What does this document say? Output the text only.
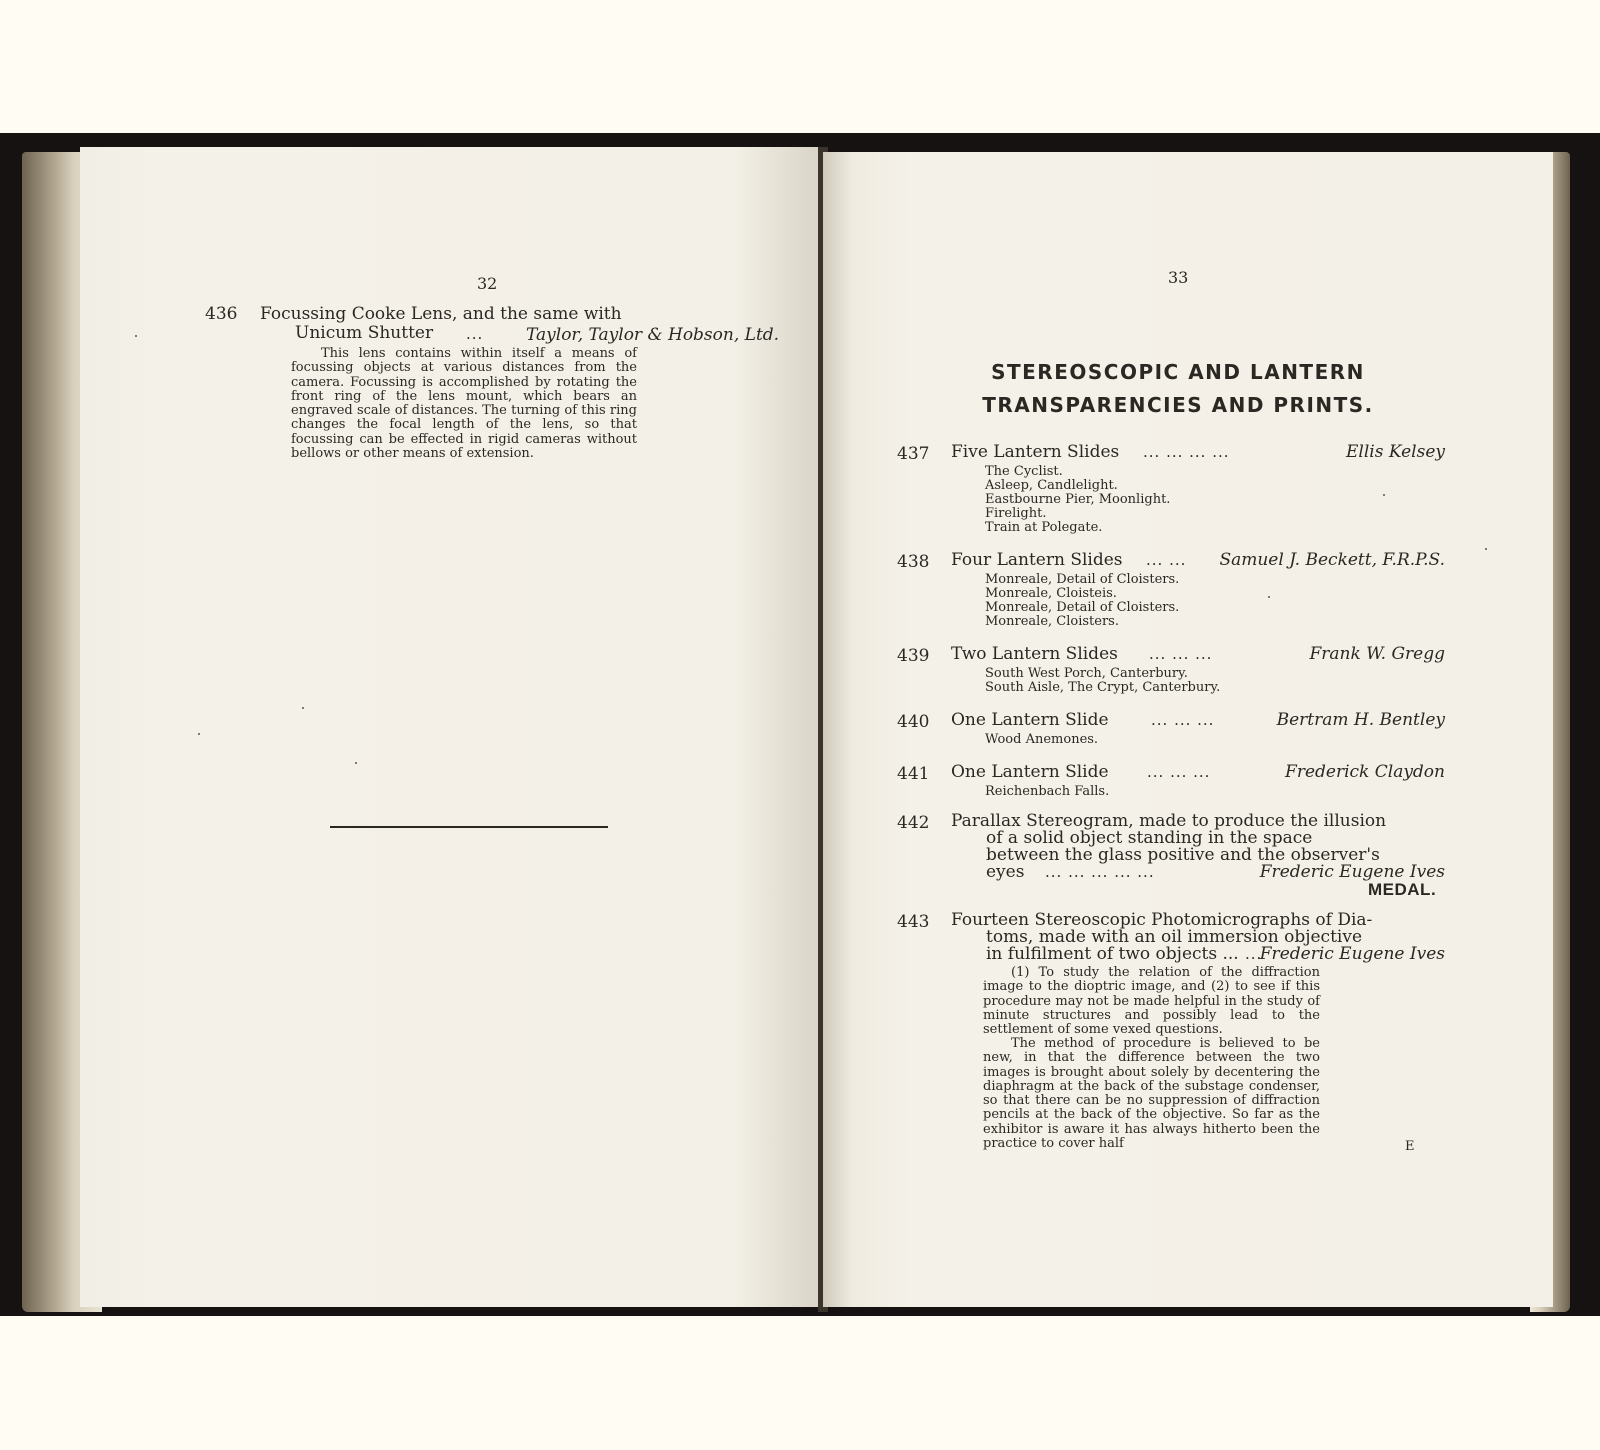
32
436 Focussing Cooke Lens, and the same with
Unicum Shutter ...	Taylor, Taylor & Hobson, Ltd.
This lens contains within itself a means of focussing objects at various distances from the camera. Focussing is accomplished by rotating the front ring of the lens mount, which bears an engraved scale of distances. The turning of this ring changes the focal length of the lens, so that focussing can be effected in rigid cameras without bellows or other means of extension.
33
STEREOSCOPIC AND LANTERN
TRANSPARENCIES AND PRINTS.
437 Five Lantern Slides ... ... ... ...	Ellis Kelsey
The Cyclist.
Asleep, Candlelight.
Eastbourne Pier, Moonlight.
Firelight.
Train at Polegate.
438 Four Lantern Slides ... ... Samuel J. Beckett, F.R.P.S.
Monreale, Detail of Cloisters.
Monreale, Cloisteis.
Monreale, Detail of Cloisters.
Monreale, Cloisters.
439 Two Lantern Slides ... ... ...	Frank W. Gregg
South West Porch, Canterbury.
South Aisle, The Crypt, Canterbury.
440 One Lantern Slide	... ... ...	Bertram H. Bentley
Wood Anemones.
441 One Lantern Slide	... ... ...	Frederick Claydon
Reichenbach Falls.
442 Parallax Stereogram, made to produce the illusion
of a solid object standing in the space
between the glass positive and the observer's
eyes ... ... ... ... ...	Frederic Eugene Ives
MEDAL.
443 Fourteen Stereoscopic Photomicrographs of Dia-
toms, made with an oil immersion objective
in fulfilment of two objects ... ...
Frederic Eugene Ives
(1) To study the relation of the diffraction image to the dioptric image, and (2) to see if this procedure may not be made helpful in the study of minute structures and possibly lead to the settlement of some vexed questions.
The method of procedure is believed to be new, in that the difference between the two images is brought about solely by decentering the diaphragm at the back of the substage condenser, so that there can be no suppression of diffraction pencils at the back of the objective. So far as the exhibitor is aware it has always hitherto been the practice to cover half	E
